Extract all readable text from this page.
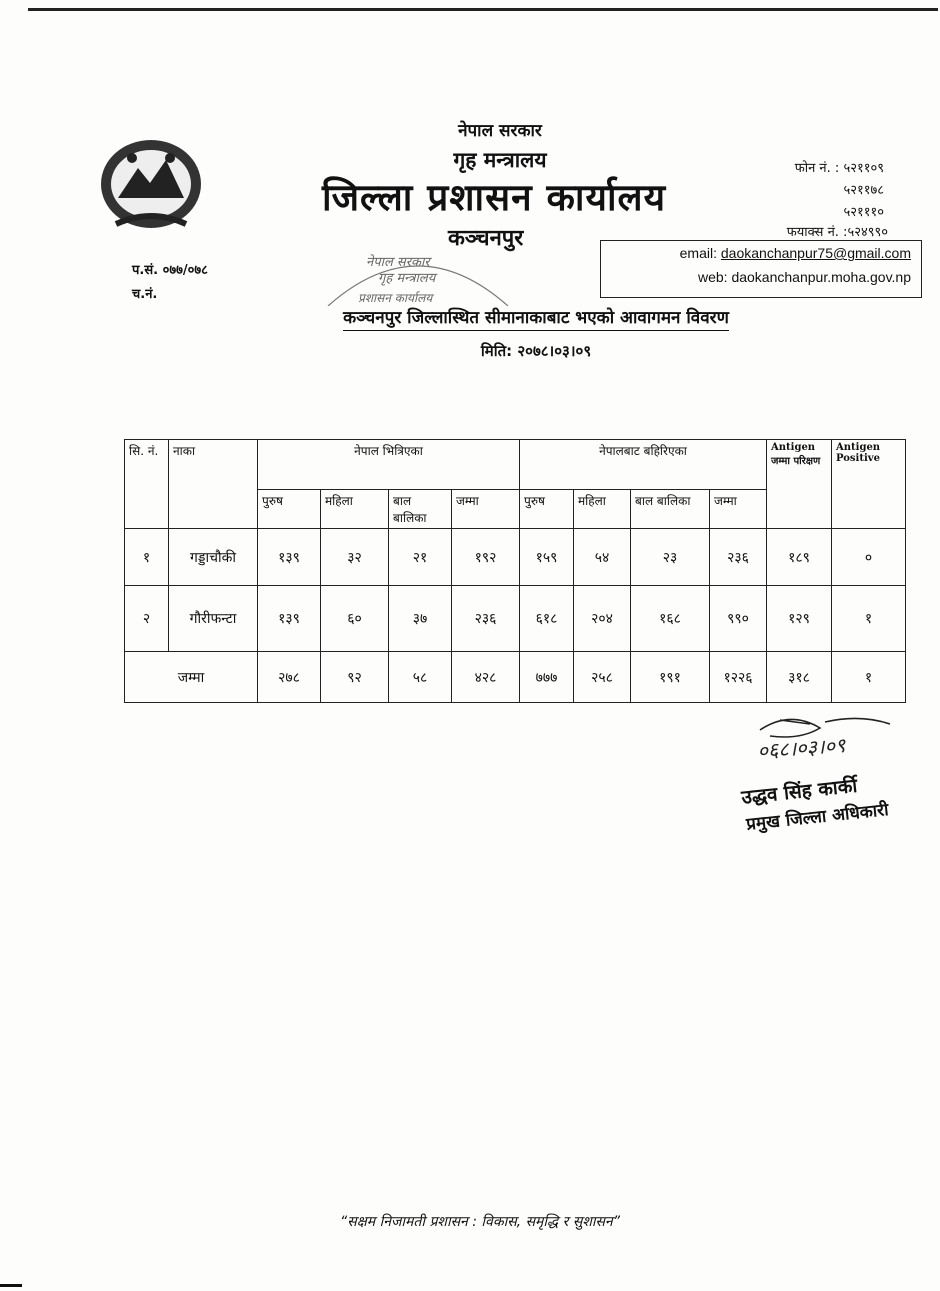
नेपाल सरकार
गृह मन्त्रालय
जिल्ला प्रशासन कार्यालय
कञ्चनपुर
फोन नं. : ५२११०९
५२११७८
५२१११०
फयाक्स नं. :५२४९९०
email: daokanchanpur75@gmail.com
web: daokanchanpur.moha.gov.np
प.सं. ०७७/०७८
च.नं.
नेपाल सरकार
गृह मन्त्रालय
प्रशासन कार्यालय
कञ्चनपुर जिल्लास्थित सीमानाकाबाट भएको आवागमन विवरण
मिति: २०७८।०३।०९
सि. नं.	नाका	नेपाल भित्रिएका				नेपालबाट बहिरिएका				Antigen जम्मा परिक्षण	Antigen Positive
		पुरुष	महिला	बाल बालिका	जम्मा	पुरुष	महिला	बाल बालिका	जम्मा		
१	गड्डाचौकी	१३९	३२	२१	१९२	१५९	५४	२३	२३६	१८९	०
२	गौरीफन्टा	१३९	६०	३७	२३६	६१८	२०४	१६८	९९०	१२९	१
जम्मा		२७८	९२	५८	४२८	७७७	२५८	१९१	१२२६	३१८	१
०६८।०३।०९
उद्धव सिंह कार्की
प्रमुख जिल्ला अधिकारी
“सक्षम निजामती प्रशासन : विकास, समृद्धि र सुशासन”
